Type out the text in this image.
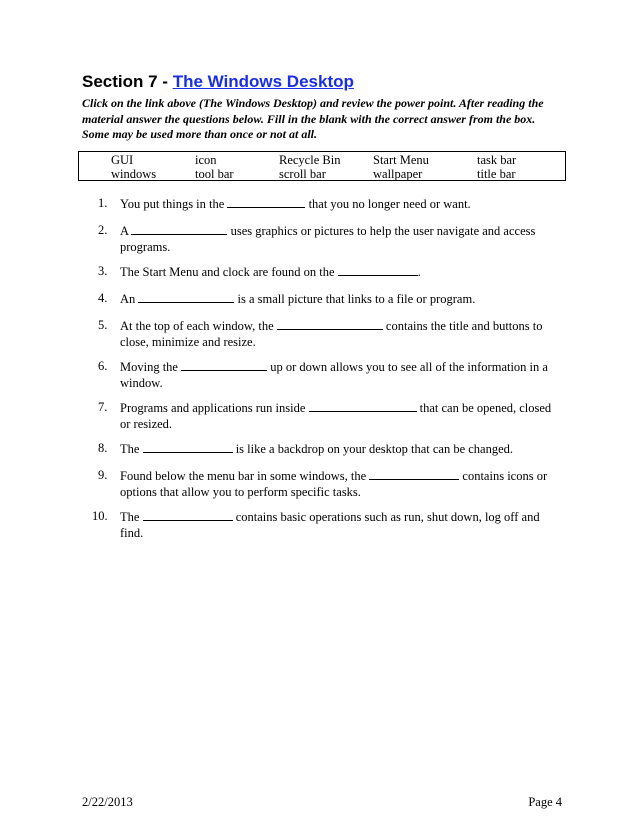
Section 7 - The Windows Desktop

Click on the link above (The Windows Desktop) and review the power point. After reading the material answer the questions below. Fill in the blank with the correct answer from the box. Some may be used more than once or not at all.

GUI	icon	Recycle Bin	Start Menu	task bar
windows	tool bar	scroll bar	wallpaper	title bar
1. You put things in the	that you no longer need or want.
2. A	uses graphics or pictures to help the user navigate and access programs.
3. The Start Menu and clock are found on the	.
4. An	is a small picture that links to a file or program.
5. At the top of each window, the	contains the title and buttons to close, minimize and resize.
6. Moving the	up or down allows you to see all of the information in a window.
7. Programs and applications run inside	that can be opened, closed or resized.
8. The	is like a backdrop on your desktop that can be changed.
9. Found below the menu bar in some windows, the	contains icons or options that allow you to perform specific tasks.
10. The	contains basic operations such as run, shut down, log off and find.
2/22/2013	Page 4
